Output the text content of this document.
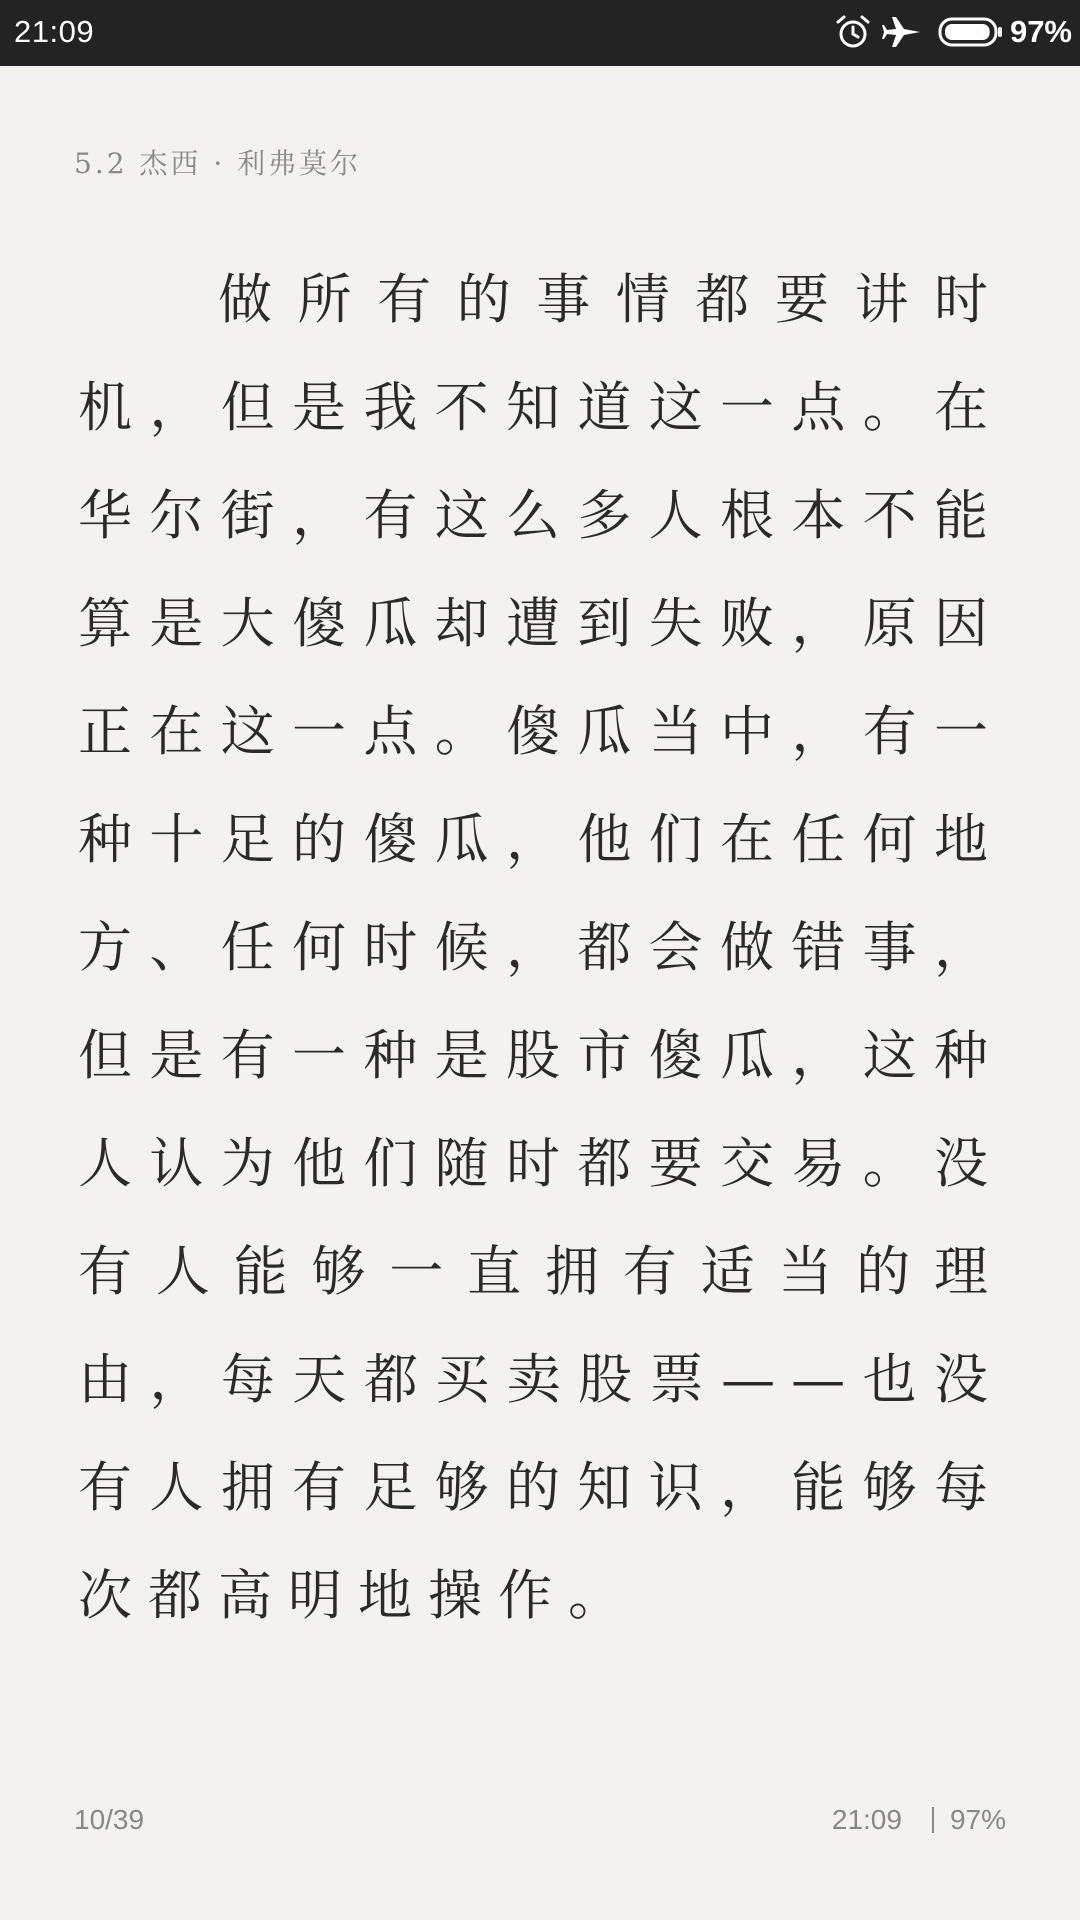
21:09	97%
5.2 杰西 · 利弗莫尔

做所有的事情都要讲时机，但是我不知道这一点。在华尔街，有这么多人根本不能算是大傻瓜却遭到失败，原因正在这一点。傻瓜当中，有一种十足的傻瓜，他们在任何地方、任何时候，都会做错事，但是有一种是股市傻瓜，这种人认为他们随时都要交易。没有人能够一直拥有适当的理由，每天都买卖股票——也没有人拥有足够的知识，能够每次都高明地操作。

10/39	21:09 97%
